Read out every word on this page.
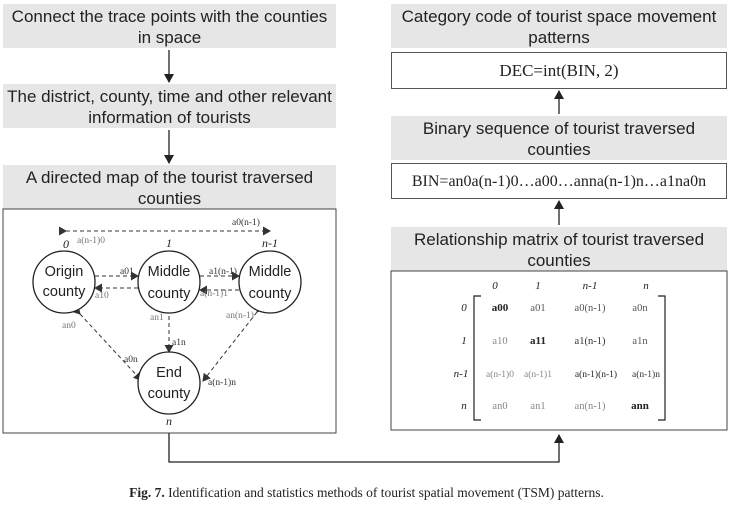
Connect the trace points with the counties in space
The district, county, time and other relevant information of tourists
A directed map of the tourist traversed counties
Category code of tourist space movement patterns
Binary sequence of tourist traversed counties
Relationship matrix of tourist traversed counties
DEC=int(BIN, 2)
BIN=an0a(n-1)0…a00…anna(n-1)n…a1na0n
Origin
county
Middle
county
Middle
county
End
county
0	1	n-1
n
a0(n-1)
a(n-1)0
a01
a10
a1(n-1)
a(n-1)1
an1
a1n
an0
a0n
an(n-1)
a(n-1)n
0	1	n-1	n
0
1
n-1
n
a00 a01	a0(n-1)	a0n
a10 a11	a1(n-1)	a1n
a(n-1)0 a(n-1)1 a(n-1)(n-1) a(n-1)n
an0 an1	an(n-1) ann
Fig. 7. Identification and statistics methods of tourist spatial movement (TSM) patterns.
